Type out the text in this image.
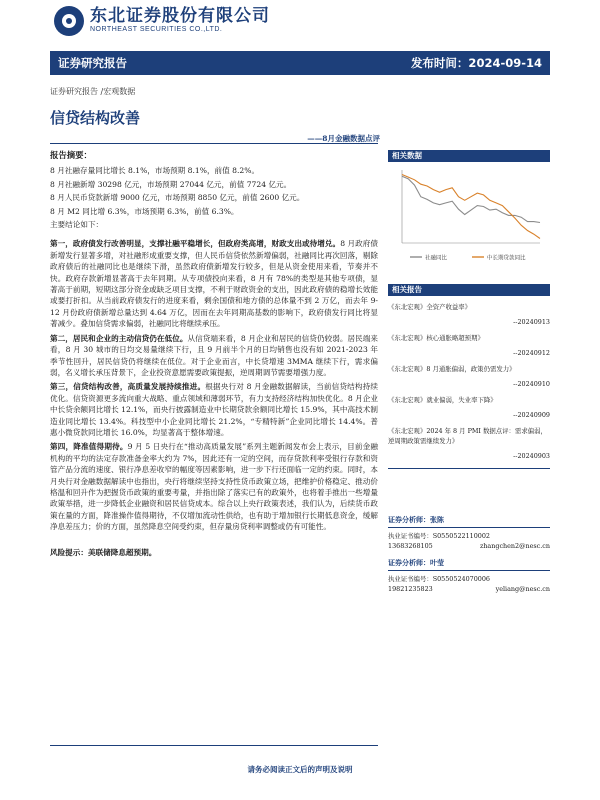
东北证券股份有限公司
NORTHEAST SECURITIES CO.,LTD.
证券研究报告	发布时间：2024-09-14
证券研究报告 /宏观数据
信贷结构改善
——8月金融数据点评
报告摘要：

8 月社融存量同比增长 8.1%，市场预期 8.1%，前值 8.2%。

8 月社融新增 30298 亿元，市场预期 27044 亿元，前值 7724 亿元。

8 月人民币贷款新增 9000 亿元，市场预期 8850 亿元，前值 2600 亿元。

8 月 M2 同比增 6.3%，市场预期 6.3%，前值 6.3%。

主要结论如下：

第一，政府债发行改善明显，支撑社融平稳增长，但政府类高增，财政支出或待增兑。8 月政府债新增发行显著多增，对社融形成重要支撑，但人民币信贷依然新增偏弱，社融同比再次回落，剔除政府债后的社融同比也是继续下滑，虽然政府债新增发行较多，但是从资金使用来看，节奏并不快。政府存款新增显著高于去年同期。从专项债投向来看，8 月有 78%的类型是其他专项债，显著高于前期，短期这部分资金或缺乏项目支撑，不利于财政资金的支出，因此政府债的稳增长效能或要打折扣。从当前政府债发行的进度来看，剩余国债和地方债的总体量不到 2 万亿，而去年 9-12 月份政府债新增总量达到 4.64 万亿，因而在去年同期高基数的影响下，政府债发行同比将显著减少。叠加信贷需求偏弱，社融同比将继续承压。

第二，居民和企业的主动信贷仍在低位。从信贷端来看，8 月企业和居民的信贷仍较弱。居民端来看，8 月 30 城市的日均交易量继续下行，且 9 月前半个月的日均销售也没有如 2021-2023 年季节性回升，居民信贷仍将继续在低位。对于企业而言，中长贷增速 3MMA 继续下行，需求偏弱，名义增长承压背景下，企业投资意愿需要政策提振，逆周期调节需要增强力度。

第三，信贷结构改善，高质量发展持续推进。根据央行对 8 月金融数据解读，当前信贷结构持续优化。信贷资源更多流向重大战略、重点领域和薄弱环节，有力支持经济结构加快优化。8 月企业中长贷余额同比增长 12.1%，而央行披露制造业中长期贷款余额同比增长 15.9%，其中高技术制造业同比增长 13.4%。科技型中小企业同比增长 21.2%，“专精特新”企业同比增长 14.4%。普惠小微贷款同比增长 16.0%，均显著高于整体增速。

第四，降准值得期待。9 月 5 日央行在“推动高质量发展”系列主题新闻发布会上表示，目前金融机构的平均的法定存款准备金率大约为 7%，因此还有一定的空间，而存贷款利率受银行存款和资管产品分流的速度、银行净息差收窄的幅度等因素影响，进一步下行还面临一定的约束。同时，本月央行对金融数据解读中也指出，央行将继续坚持支持性货币政策立场，把维护价格稳定、推动价格温和回升作为把握货币政策的重要考量，并指出除了落实已有的政策外，也将着手推出一些增量政策举措，进一步降低企业融资和居民信贷成本。综合以上央行政策表述，我们认为，后续货币政策在量的方面，降准操作值得期待，不仅增加流动性供给，也有助于增加银行长期低息资金，缓解净息差压力；价的方面，虽然降息空间受约束，但存量房贷利率调整或仍有可能性。

风险提示：美联储降息超预期。

相关数据
社融同比	中长期贷款同比
相关报告
《东北宏观》全资产收益率》
--20240913
《东北宏观》核心通胀略超预期》
--20240912
《东北宏观》8 月通胀偏弱，政策仍需发力》
--20240910
《东北宏观》就业偏弱，失业率下降》
--20240909
《东北宏观》2024 年 8 月 PMI 数据点评：需求偏弱，逆周期政策需继续发力》
--20240903
证券分析师：张陈
执业证书编号：S0550522110002
13683268105	zhangchen2@nesc.cn
证券分析师：叶莹
执业证书编号：S0550524070006
19821235823	yeliang@nesc.cn
请务必阅读正文后的声明及说明
